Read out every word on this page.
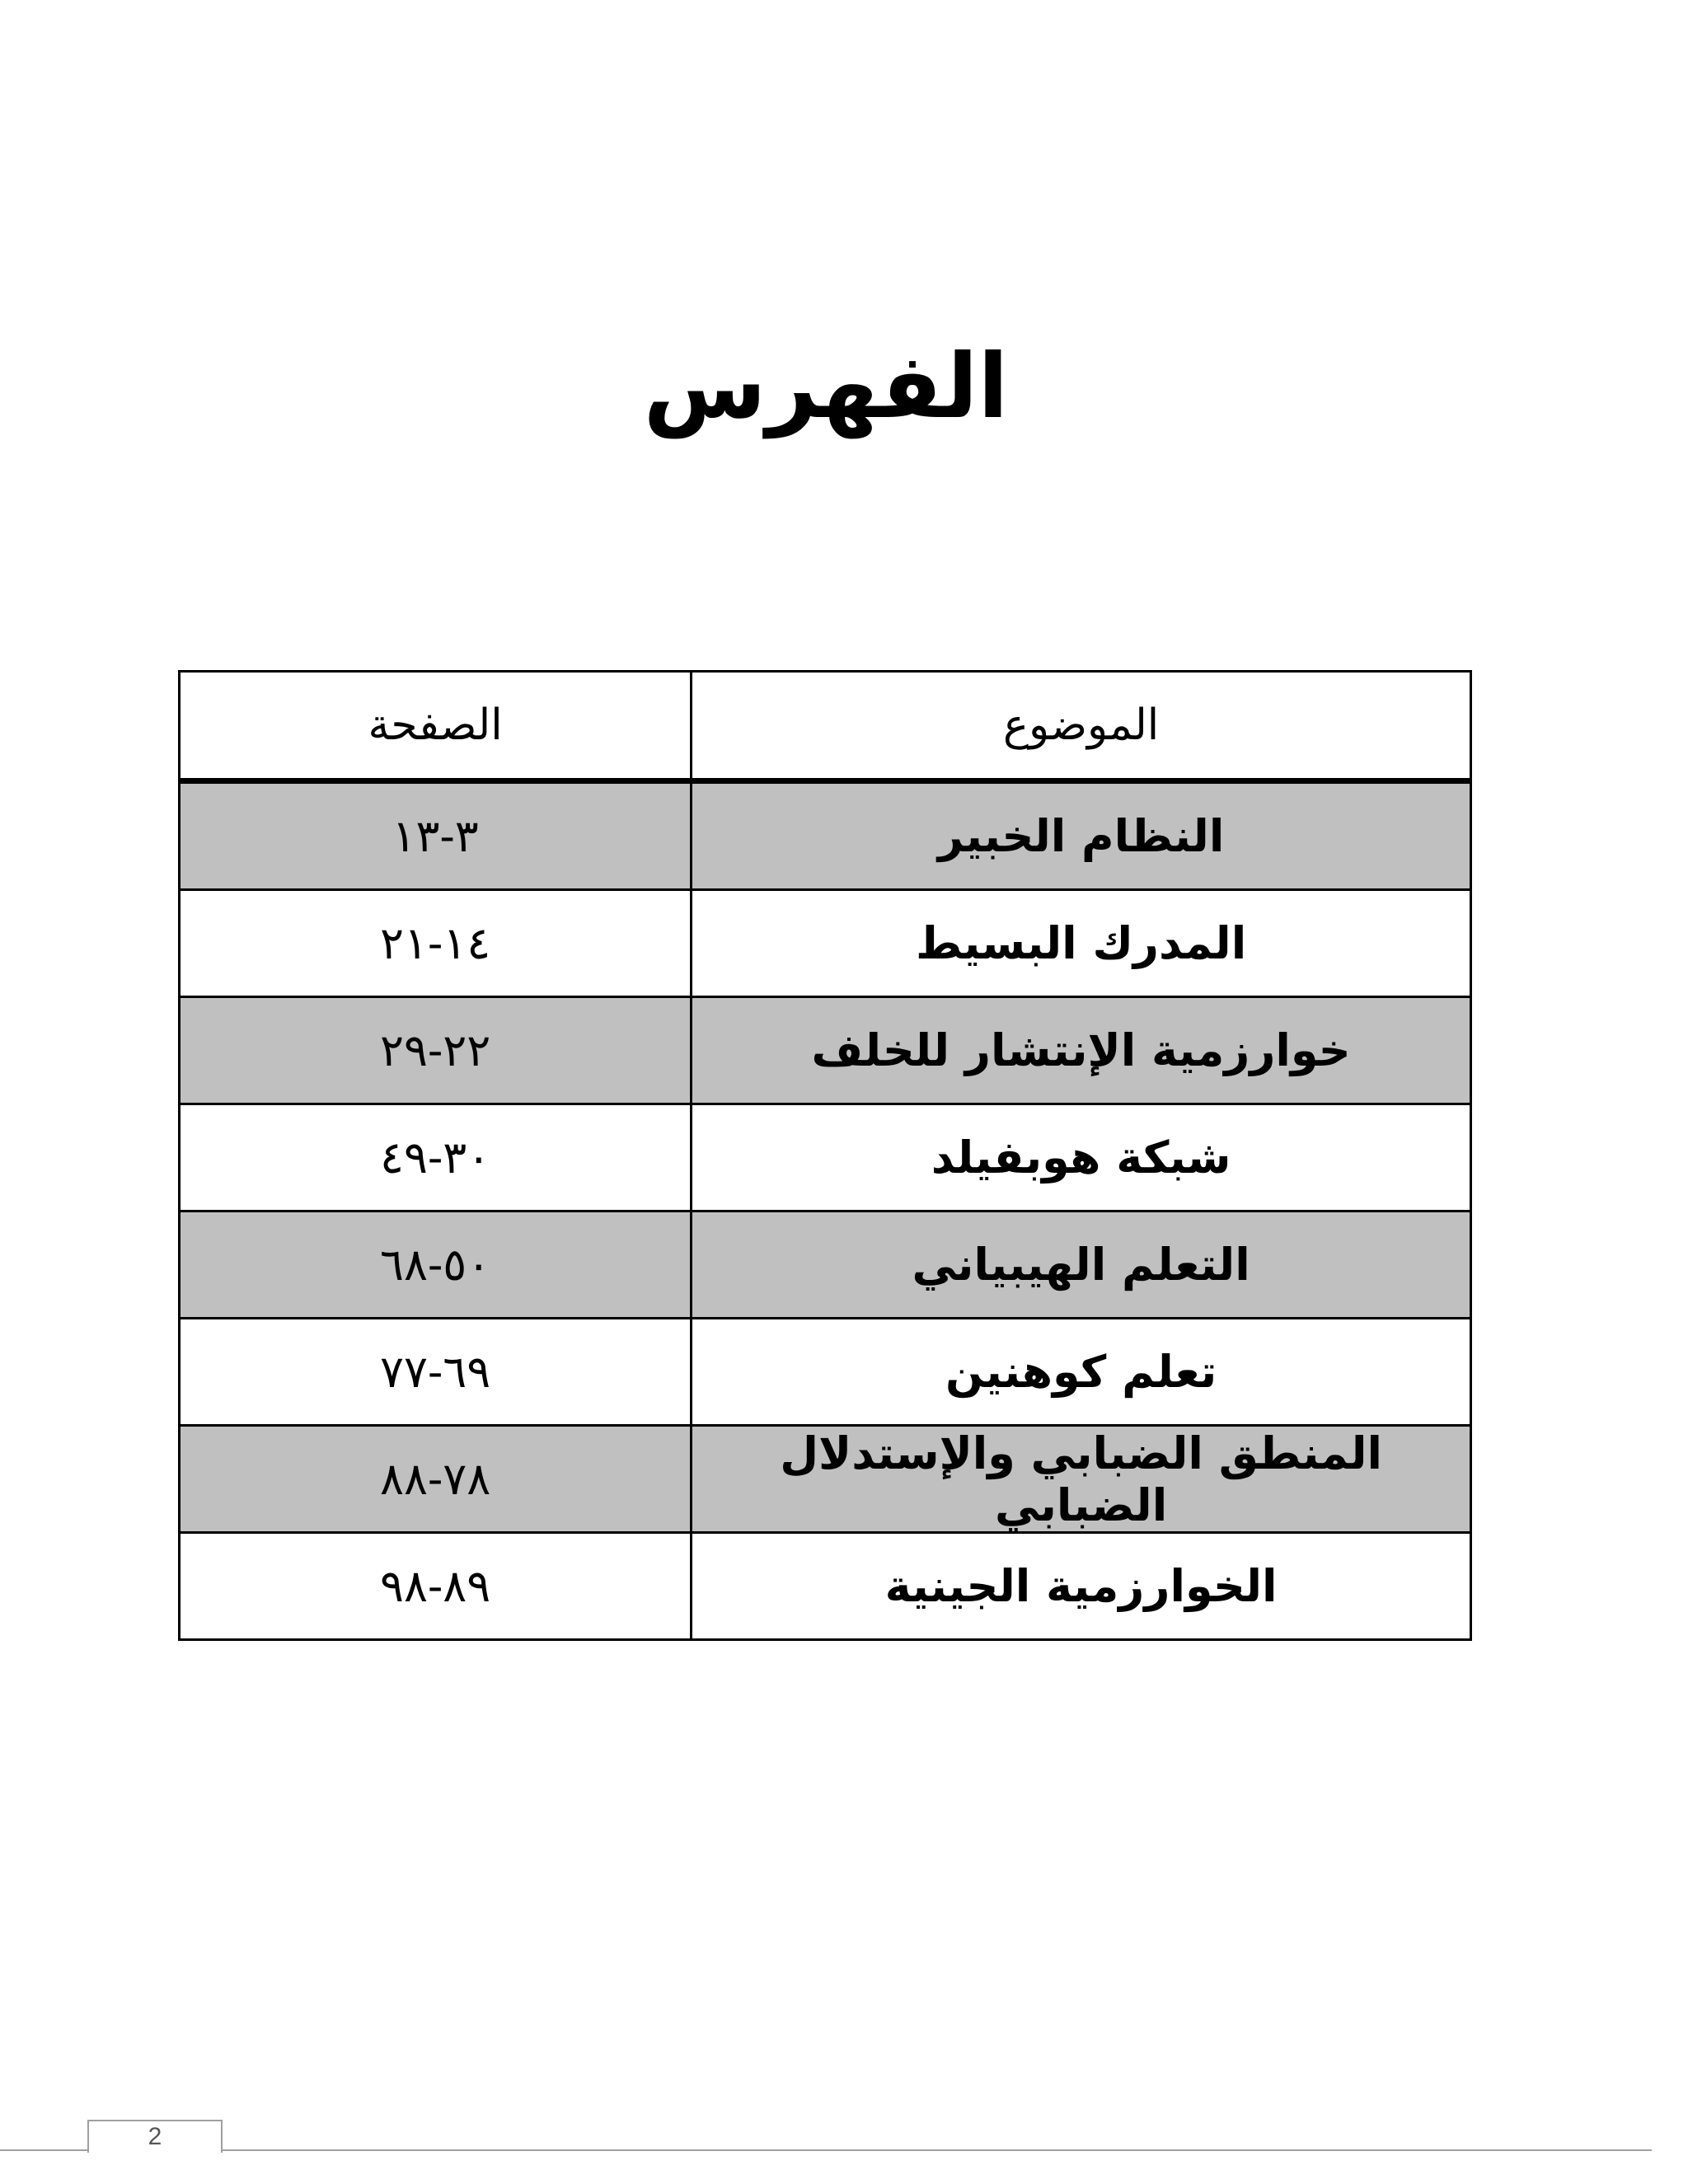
الفهرس
الموضوع	الصفحة
النظام الخبير	٣-١٣
المدرك البسيط	١٤-٢١
خوارزمية الإنتشار للخلف	٢٢-٢٩
شبكة هوبفيلد	٣٠-٤٩
التعلم الهيبياني	٥٠-٦٨
تعلم كوهنين	٦٩-٧٧
المنطق الضبابي والإستدلال الضبابي	٧٨-٨٨
الخوارزمية الجينية	٨٩-٩٨
2
